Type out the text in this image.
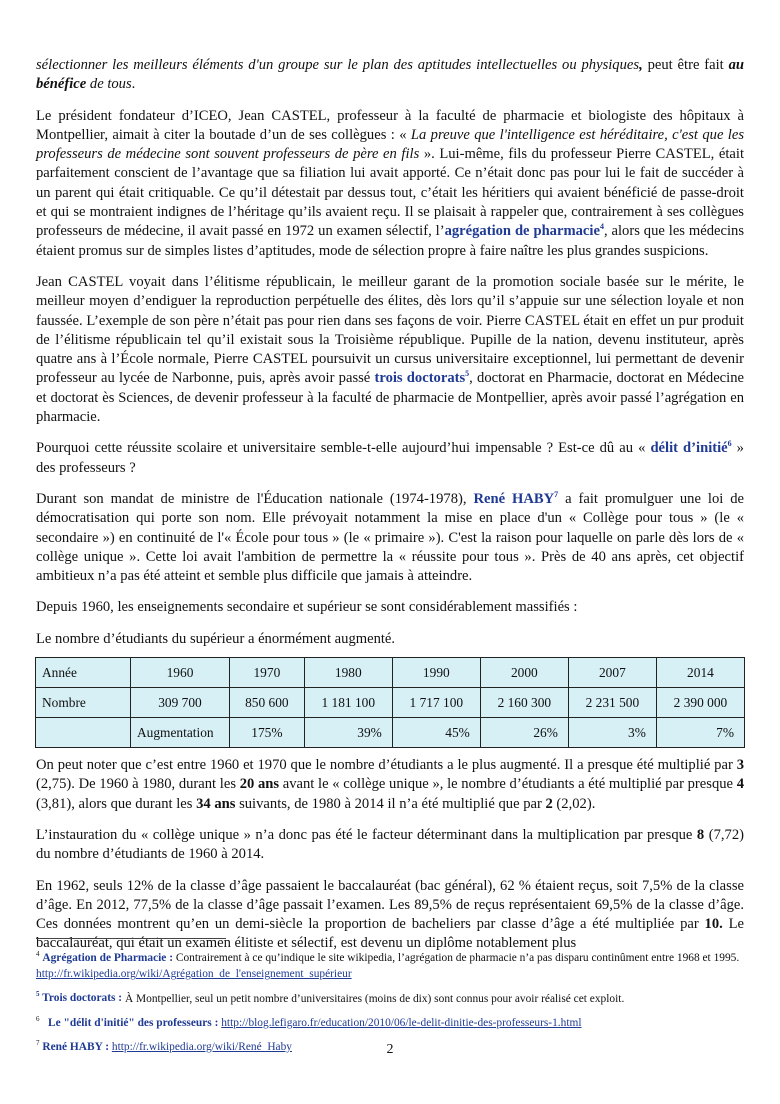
sélectionner les meilleurs éléments d'un groupe sur le plan des aptitudes intellectuelles ou physiques, peut être fait au bénéfice de tous.

Le président fondateur d’ICEO, Jean CASTEL, professeur à la faculté de pharmacie et biologiste des hôpitaux à Montpellier, aimait à citer la boutade d’un de ses collègues : « La preuve que l'intelligence est héréditaire, c'est que les professeurs de médecine sont souvent professeurs de père en fils ». Lui-même, fils du professeur Pierre CASTEL, était parfaitement conscient de l’avantage que sa filiation lui avait apporté. Ce n’était donc pas pour lui le fait de succéder à un parent qui était critiquable. Ce qu’il détestait par dessus tout, c’était les héritiers qui avaient bénéficié de passe-droit et qui se montraient indignes de l’héritage qu’ils avaient reçu. Il se plaisait à rappeler que, contrairement à ses collègues professeurs de médecine, il avait passé en 1972 un examen sélectif, l’agrégation de pharmacie$^4$, alors que les médecins étaient promus sur de simples listes d’aptitudes, mode de sélection propre à faire naître les plus grandes suspicions.

Jean CASTEL voyait dans l’élitisme républicain, le meilleur garant de la promotion sociale basée sur le mérite, le meilleur moyen d’endiguer la reproduction perpétuelle des élites, dès lors qu’il s’appuie sur une sélection loyale et non faussée. L’exemple de son père n’était pas pour rien dans ses façons de voir. Pierre CASTEL était en effet un pur produit de l’élitisme républicain tel qu’il existait sous la Troisième république. Pupille de la nation, devenu instituteur, après quatre ans à l’École normale, Pierre CASTEL poursuivit un cursus universitaire exceptionnel, lui permettant de devenir professeur au lycée de Narbonne, puis, après avoir passé trois doctorats$^5$, doctorat en Pharmacie, doctorat en Médecine et doctorat ès Sciences, de devenir professeur à la faculté de pharmacie de Montpellier, après avoir passé l’agrégation en pharmacie.

Pourquoi cette réussite scolaire et universitaire semble-t-elle aujourd’hui impensable ? Est-ce dû au « délit d’initié$^6$ » des professeurs ?

Durant son mandat de ministre de l'Éducation nationale (1974-1978), René HABY$^7$ a fait promulguer une loi de démocratisation qui porte son nom. Elle prévoyait notamment la mise en place d'un « Collège pour tous » (le « secondaire ») en continuité de l'« École pour tous » (le « primaire »). C'est la raison pour laquelle on parle dès lors de « collège unique ». Cette loi avait l'ambition de permettre la « réussite pour tous ». Près de 40 ans après, cet objectif ambitieux n’a pas été atteint et semble plus difficile que jamais à atteindre.

Depuis 1960, les enseignements secondaire et supérieur se sont considérablement massifiés :

Le nombre d’étudiants du supérieur a énormément augmenté.

Année	1960	1970	1980	1990	2000	2007	2014
Nombre	309 700	850 600	1 181 100	1 717 100	2 160 300	2 231 500	2 390 000
	Augmentation	175%	39%	45%	26%	3%	7%

On peut noter que c’est entre 1960 et 1970 que le nombre d’étudiants a le plus augmenté. Il a presque été multiplié par 3 (2,75). De 1960 à 1980, durant les 20 ans avant le « collège unique », le nombre d’étudiants a été multiplié par presque 4 (3,81), alors que durant les 34 ans suivants, de 1980 à 2014 il n’a été multiplié que par 2 (2,02).

L’instauration du « collège unique » n’a donc pas été le facteur déterminant dans la multiplication par presque 8 (7,72) du nombre d’étudiants de 1960 à 2014.

En 1962, seuls 12% de la classe d’âge passaient le baccalauréat (bac général), 62 % étaient reçus, soit 7,5% de la classe d’âge. En 2012, 77,5% de la classe d’âge passait l’examen. Les 89,5% de reçus représentaient 69,5% de la classe d’âge. Ces données montrent qu’en un demi-siècle la proportion de bacheliers par classe d’âge a été multipliée par 10. Le baccalauréat, qui était un examen élitiste et sélectif, est devenu un diplôme notablement plus

$^4$ Agrégation de Pharmacie : Contrairement à ce qu’indique le site wikipedia, l’agrégation de pharmacie n’a pas disparu continûment entre 1968 et 1995. http://fr.wikipedia.org/wiki/Agrégation_de_l'enseignement_supérieur
$^5$ Trois doctorats : À Montpellier, seul un petit nombre d’universitaires (moins de dix) sont connus pour avoir réalisé cet exploit.
$^6$ Le "délit d'initié" des professeurs : http://blog.lefigaro.fr/education/2010/06/le-delit-dinitie-des-professeurs-1.html
$^7$ René HABY : http://fr.wikipedia.org/wiki/René_Haby	2
